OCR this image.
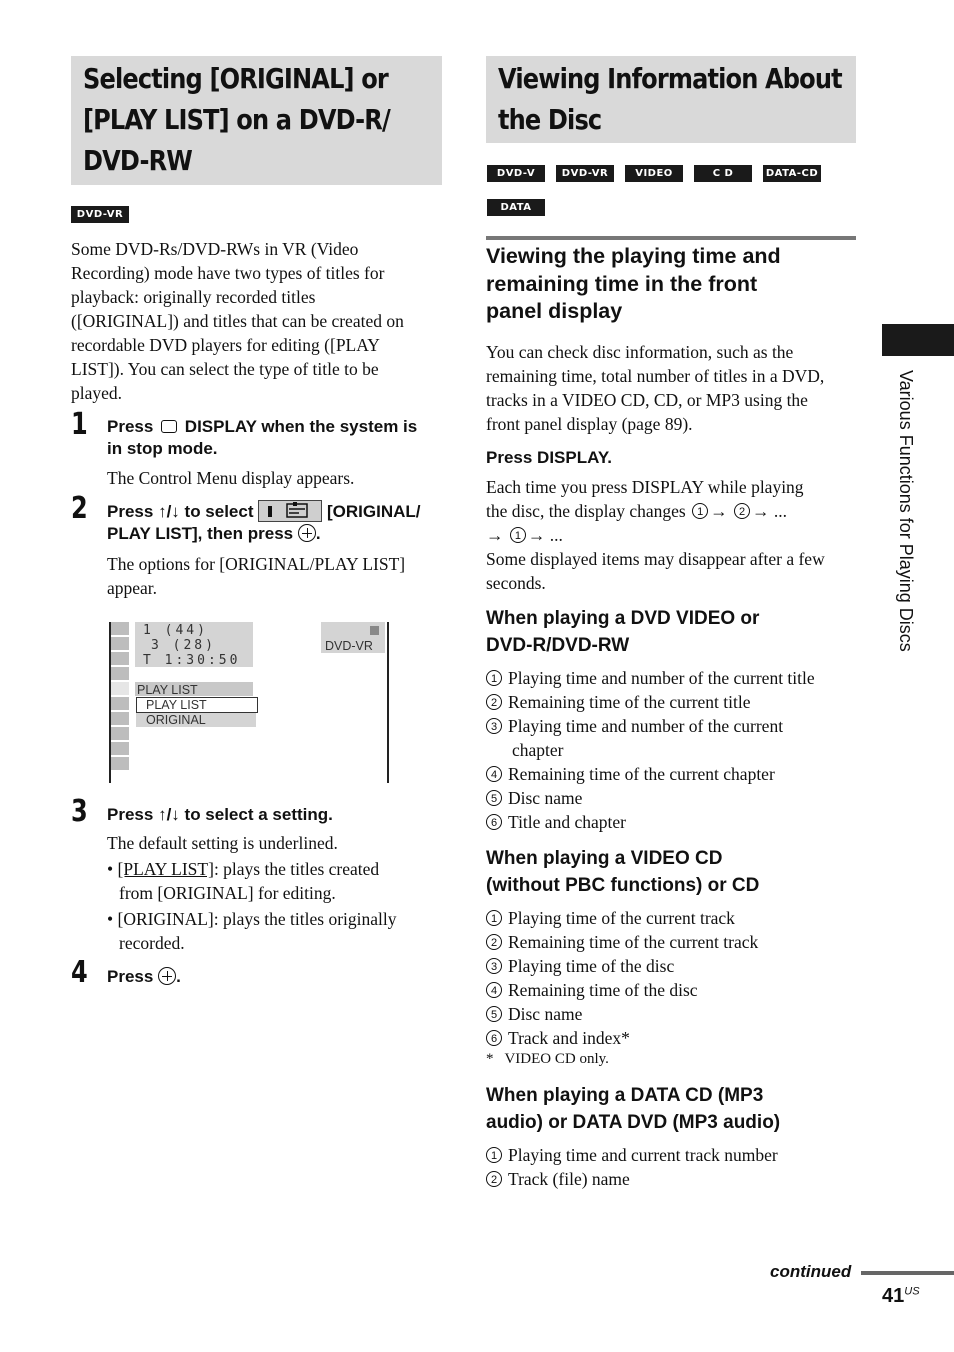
Selecting [ORIGINAL] or
[PLAY LIST] on a DVD-R/
DVD-RW
DVD-VR
Some DVD-Rs/DVD-RWs in VR (Video
Recording) mode have two types of titles for
playback: originally recorded titles
([ORIGINAL]) and titles that can be created on
recordable DVD players for editing ([PLAY
LIST]). You can select the type of title to be
played.
1 Press DISPLAY when the system is
in stop mode.
The Control Menu display appears.
2 Press ↑/↓ to select	[ORIGINAL/
PLAY LIST], then press .
The options for [ORIGINAL/PLAY LIST]
appear.
1 (44)
3 (28)
T 1:30:50
DVD-VR
PLAY LIST
PLAY LIST
ORIGINAL
3 Press ↑/↓ to select a setting.
The default setting is underlined.
• [PLAY LIST]: plays the titles created
from [ORIGINAL] for editing.
• [ORIGINAL]: plays the titles originally
recorded.
4 Press .
Viewing Information About
the Disc
DVD-V	DVD-VR	VIDEO CD
C D	DATA-CD
DATA DVD
Viewing the playing time and
remaining time in the front
panel display
You can check disc information, such as the
remaining time, total number of titles in a DVD,
tracks in a VIDEO CD, CD, or MP3 using the
front panel display (page 89).
Press DISPLAY.
Each time you press DISPLAY while playing
the disc, the display changes 1 → 2 → ...
→ 1 → ...
Some displayed items may disappear after a few
seconds.
When playing a DVD VIDEO or
DVD-R/DVD-RW
1 Playing time and number of the current title
2 Remaining time of the current title
3 Playing time and number of the current
chapter
4 Remaining time of the current chapter
5 Disc name
6 Title and chapter
When playing a VIDEO CD
(without PBC functions) or CD
1 Playing time of the current track
2 Remaining time of the current track
3 Playing time of the disc
4 Remaining time of the disc
5 Disc name
6 Track and index*
*   VIDEO CD only.
When playing a DATA CD (MP3
audio) or DATA DVD (MP3 audio)
1 Playing time and current track number
2 Track (file) name
Various Functions for Playing Discs
continued
$41^{US}$
